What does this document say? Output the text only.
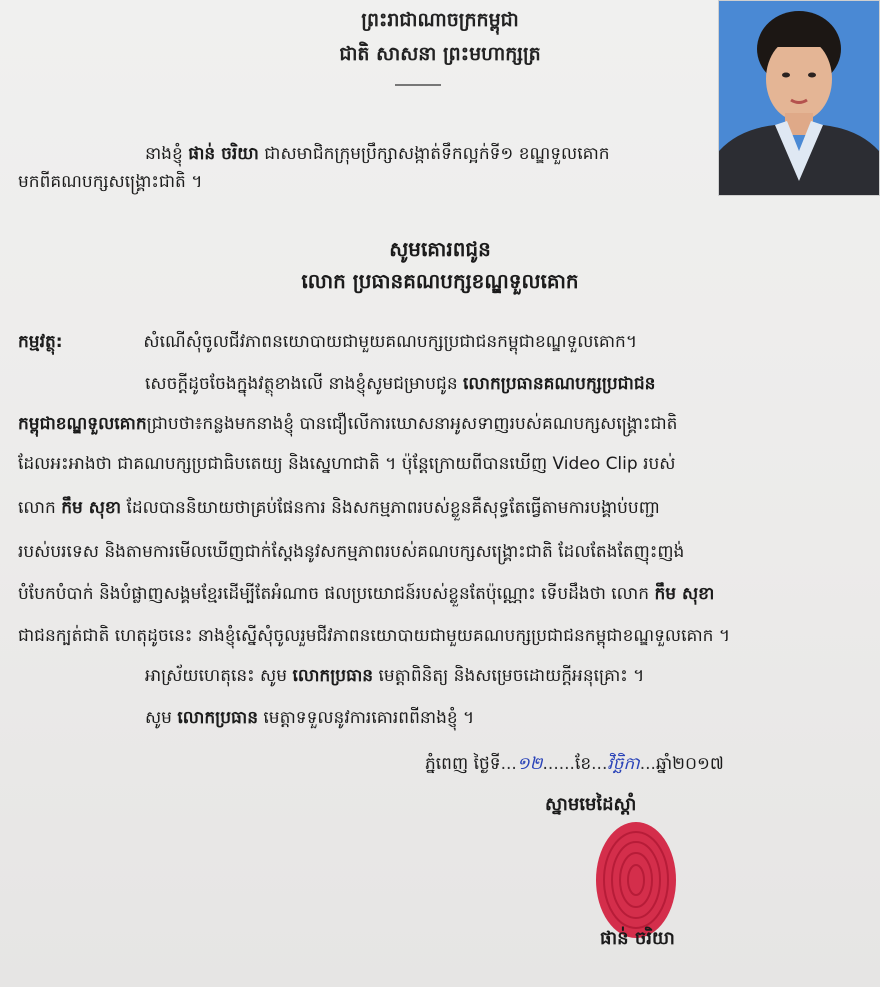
ព្រះរាជាណាចក្រកម្ពុជា
ជាតិ សាសនា ព្រះមហាក្សត្រ
នាងខ្ញុំ ផាន់ ចរិយា ជាសមាជិកក្រុមប្រឹក្សាសង្កាត់ទឹកល្អក់ទី១ ខណ្ឌទួលគោក
មកពីគណបក្សសង្គ្រោះជាតិ ។
សូមគោរពជូន
លោក ប្រធានគណបក្សខណ្ឌទួលគោក
កម្មវត្ថុ:	សំណើសុំចូលជីវភាពនយោបាយជាមួយគណបក្សប្រជាជនកម្ពុជាខណ្ឌទួលគោក។
សេចក្តីដូចចែងក្នុងវត្ថុខាងលើ នាងខ្ញុំសូមជម្រាបជូន លោកប្រធានគណបក្សប្រជាជន
កម្ពុជាខណ្ឌទួលគោកជ្រាបថា៖កន្លងមកនាងខ្ញុំ បានជឿលើការឃោសនាអូសទាញរបស់គណបក្សសង្គ្រោះជាតិ
ដែលអះអាងថា ជាគណបក្សប្រជាធិបតេយ្យ និងស្នេហាជាតិ ។ ប៉ុន្តែក្រោយពីបានឃើញ Video Clip របស់
លោក កឹម សុខា ដែលបាននិយាយថាគ្រប់ផែនការ និងសកម្មភាពរបស់ខ្លួនគឺសុទ្ធតែធ្វើតាមការបង្គាប់បញ្ជា
របស់បរទេស និងតាមការមើលឃើញជាក់ស្តែងនូវសកម្មភាពរបស់គណបក្សសង្គ្រោះជាតិ ដែលតែងតែញុះញង់
បំបែកបំបាក់ និងបំផ្លាញសង្គមខ្មែរដើម្បីតែអំណាច ផលប្រយោជន៍របស់ខ្លួនតែប៉ុណ្ណោះ ទើបដឹងថា លោក កឹម សុខា
ជាជនក្បត់ជាតិ ហេតុដូចនេះ នាងខ្ញុំស្នើសុំចូលរួមជីវភាពនយោបាយជាមួយគណបក្សប្រជាជនកម្ពុជាខណ្ឌទួលគោក ។
អាស្រ័យហេតុនេះ សូម លោកប្រធាន មេត្តាពិនិត្យ និងសម្រេចដោយក្តីអនុគ្រោះ ។
សូម លោកប្រធាន មេត្តាទទួលនូវការគោរពពីនាងខ្ញុំ ។
ភ្នំពេញ ថ្ងៃទី...១២......ខែ...វិច្ឆិកា...ឆ្នាំ២០១៧
ស្នាមមេដៃស្តាំ
ផាន់ ចរិយា
